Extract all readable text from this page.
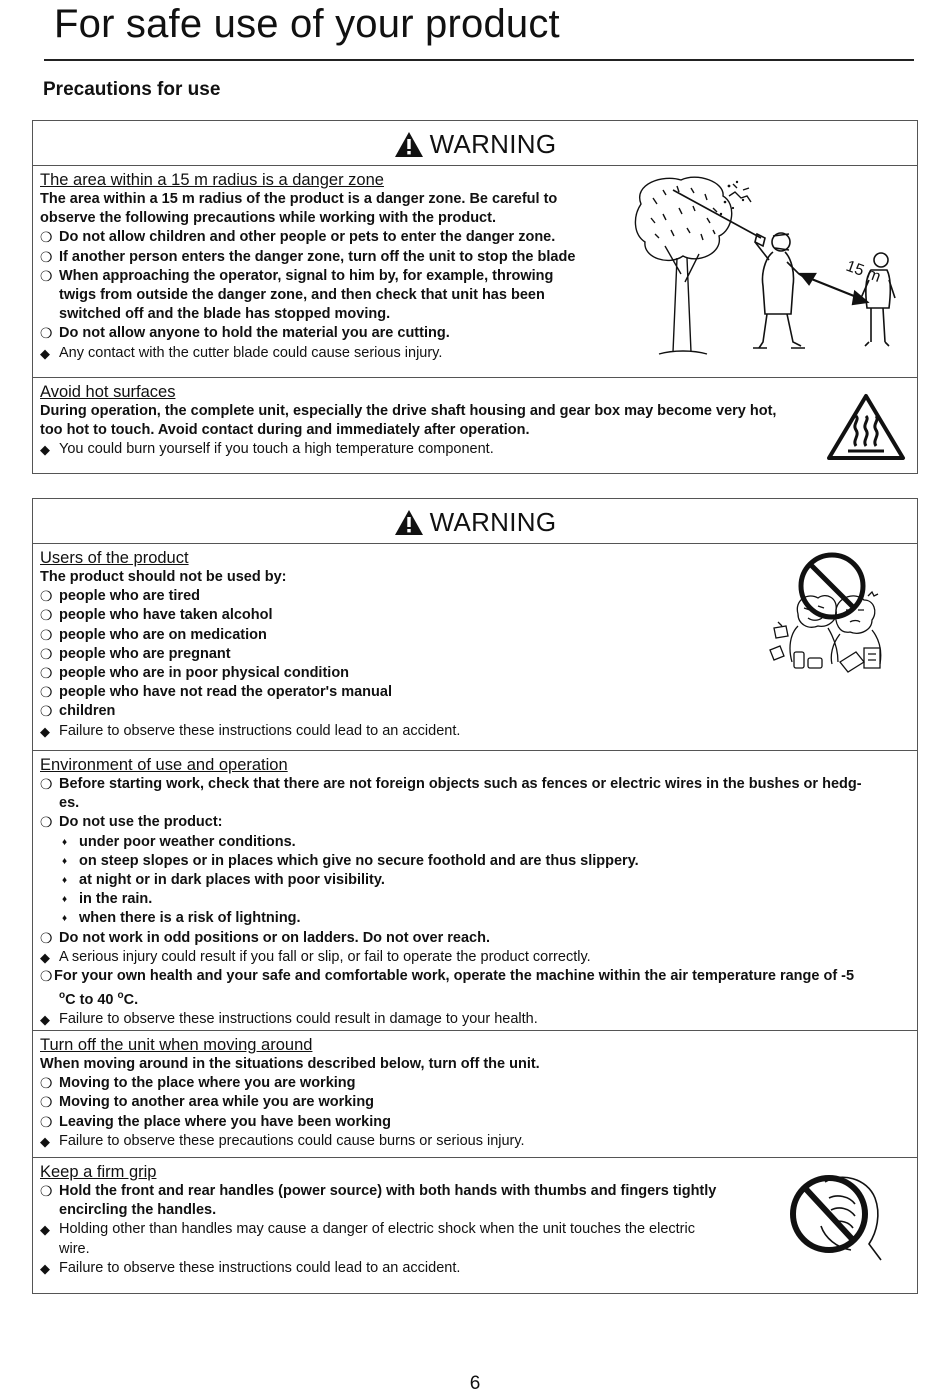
For safe use of your product
Precautions for use
WARNING

The area within a 15 m radius is a danger zone

The area within a 15 m radius of the product is a danger zone. Be careful to

observe the following precautions while working with the product.

❍ Do not allow children and other people or pets to enter the danger zone.

❍ If another person enters the danger zone, turn off the unit to stop the blade

❍ When approaching the operator, signal to him by, for example, throwing

twigs from outside the danger zone, and then check that unit has been

switched off and the blade has stopped moving.

❍ Do not allow anyone to hold the material you are cutting.

◆ Any contact with the cutter blade could cause serious injury.

15 m

Avoid hot surfaces

During operation, the complete unit, especially the drive shaft housing and gear box may become very hot,

too hot to touch. Avoid contact during and immediately after operation.

◆ You could burn yourself if you touch a high temperature component.

WARNING

Users of the product

The product should not be used by:

❍ people who are tired

❍ people who have taken alcohol

❍ people who are on medication

❍ people who are pregnant

❍ people who are in poor physical condition

❍ people who have not read the operator's manual

❍ children

◆ Failure to observe these instructions could lead to an accident.

Environment of use and operation

❍ Before starting work, check that there are not foreign objects such as fences or electric wires in the bushes or hedg-

es.

❍ Do not use the product:

♦ under poor weather conditions.

♦ on steep slopes or in places which give no secure foothold and are thus slippery.

♦ at night or in dark places with poor visibility.

♦ in the rain.

♦ when there is a risk of lightning.

❍ Do not work in odd positions or on ladders. Do not over reach.

◆ A serious injury could result if you fall or slip, or fail to operate the product correctly.

❍ For your own health and your safe and comfortable work, operate the machine within the air temperature range of -5

$^o$C to 40 $^o$C.

◆ Failure to observe these instructions could result in damage to your health.

Turn off the unit when moving around

When moving around in the situations described below, turn off the unit.

❍ Moving to the place where you are working

❍ Moving to another area while you are working

❍ Leaving the place where you have been working

◆ Failure to observe these precautions could cause burns or serious injury.

Keep a firm grip

❍ Hold the front and rear handles (power source) with both hands with thumbs and fingers tightly

encircling the handles.

◆ Holding other than handles may cause a danger of electric shock when the unit touches the electric

wire.

◆ Failure to observe these instructions could lead to an accident.

6
